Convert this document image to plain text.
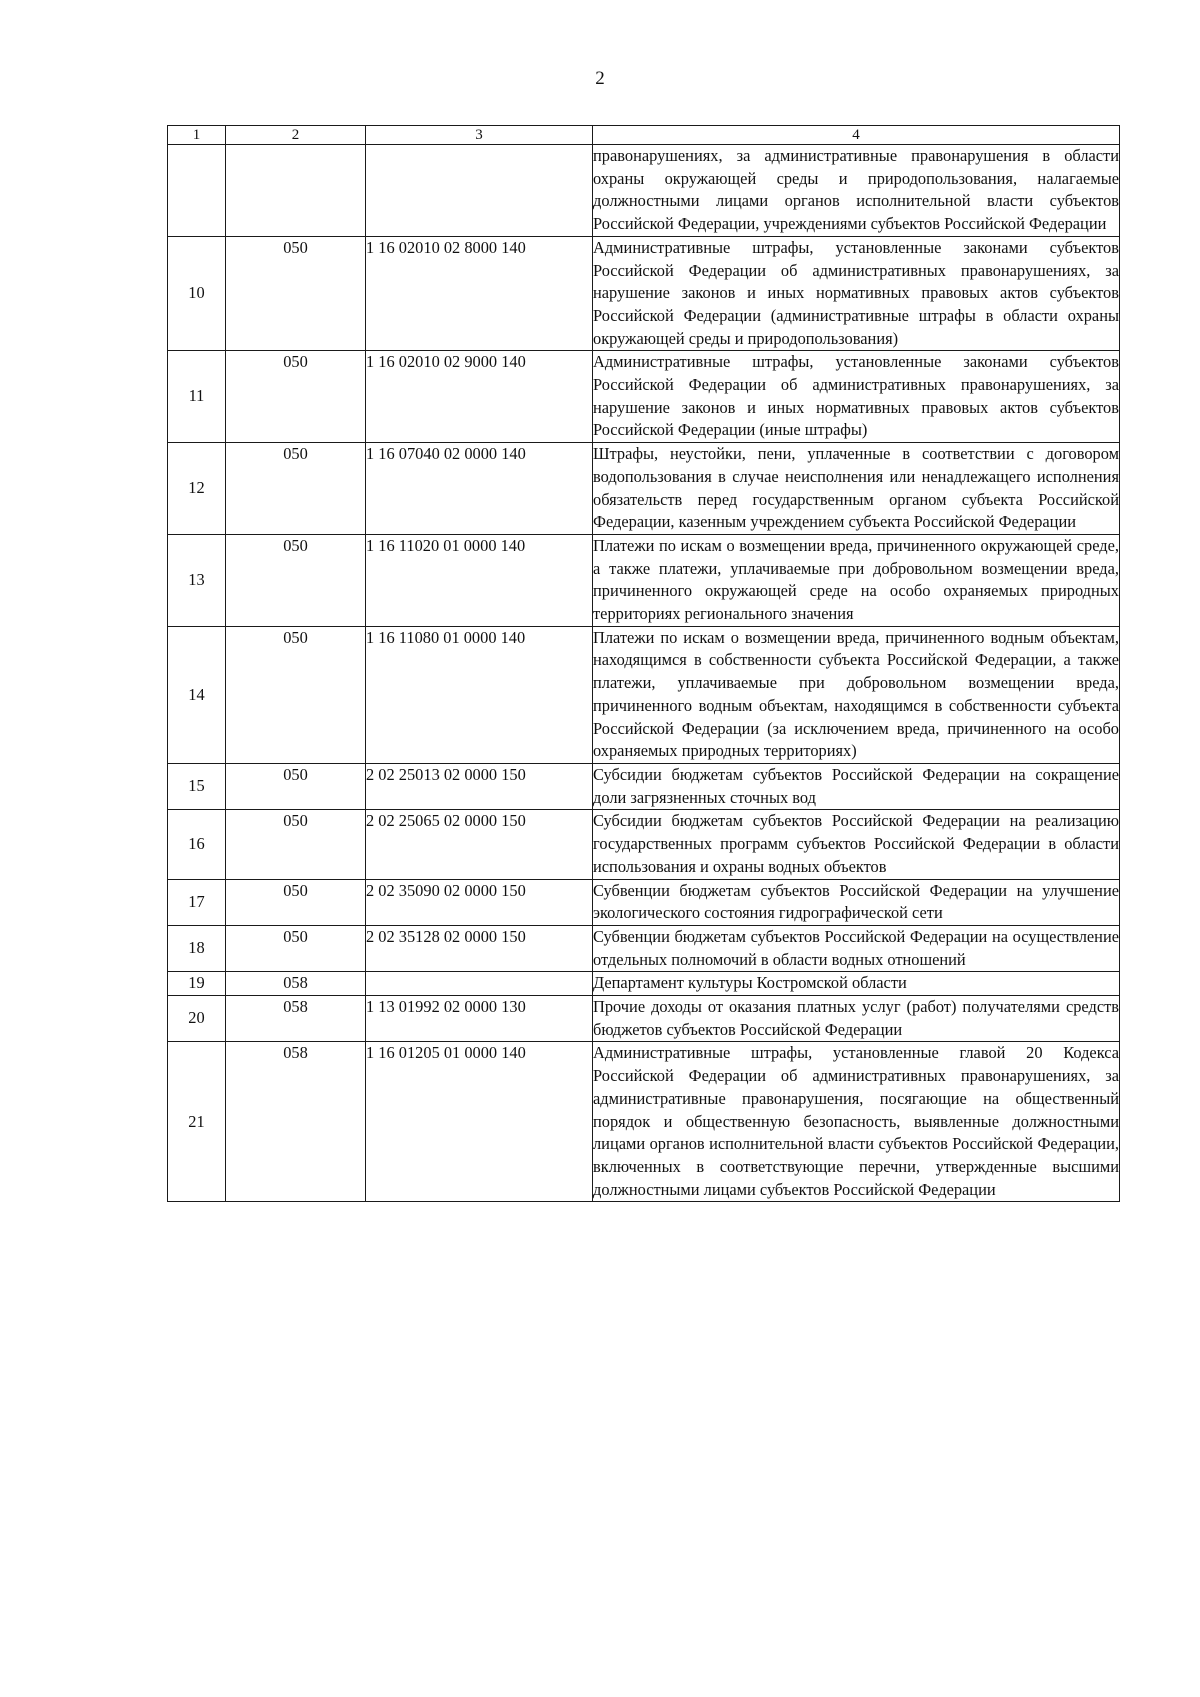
2
1	2	3	4
			правонарушениях, за административные правонарушения в области охраны окружающей среды и природопользования, налагаемые должностными лицами органов исполнительной власти субъектов Российской Федерации, учреждениями субъектов Российской Федерации
10	050	1 16 02010 02 8000 140	Административные штрафы, установленные законами субъектов Российской Федерации об административных правонарушениях, за нарушение законов и иных нормативных правовых актов субъектов Российской Федерации (административные штрафы в области охраны окружающей среды и природопользования)
11	050	1 16 02010 02 9000 140	Административные штрафы, установленные законами субъектов Российской Федерации об административных правонарушениях, за нарушение законов и иных нормативных правовых актов субъектов Российской Федерации (иные штрафы)
12	050	1 16 07040 02 0000 140	Штрафы, неустойки, пени, уплаченные в соответствии с договором водопользования в случае неисполнения или ненадлежащего исполнения обязательств перед государственным органом субъекта Российской Федерации, казенным учреждением субъекта Российской Федерации
13	050	1 16 11020 01 0000 140	Платежи по искам о возмещении вреда, причиненного окружающей среде, а также платежи, уплачиваемые при добровольном возмещении вреда, причиненного окружающей среде на особо охраняемых природных территориях регионального значения
14	050	1 16 11080 01 0000 140	Платежи по искам о возмещении вреда, причиненного водным объектам, находящимся в собственности субъекта Российской Федерации, а также платежи, уплачиваемые при добровольном возмещении вреда, причиненного водным объектам, находящимся в собственности субъекта Российской Федерации (за исключением вреда, причиненного на особо охраняемых природных территориях)
15	050	2 02 25013 02 0000 150	Субсидии бюджетам субъектов Российской Федерации на сокращение доли загрязненных сточных вод
16	050	2 02 25065 02 0000 150	Субсидии бюджетам субъектов Российской Федерации на реализацию государственных программ субъектов Российской Федерации в области использования и охраны водных объектов
17	050	2 02 35090 02 0000 150	Субвенции бюджетам субъектов Российской Федерации на улучшение экологического состояния гидрографической сети
18	050	2 02 35128 02 0000 150	Субвенции бюджетам субъектов Российской Федерации на осуществление отдельных полномочий в области водных отношений
19	058		Департамент культуры Костромской области
20	058	1 13 01992 02 0000 130	Прочие доходы от оказания платных услуг (работ) получателями средств бюджетов субъектов Российской Федерации
21	058	1 16 01205 01 0000 140	Административные штрафы, установленные главой 20 Кодекса Российской Федерации об административных правонарушениях, за административные правонарушения, посягающие на общественный порядок и общественную безопасность, выявленные должностными лицами органов исполнительной власти субъектов Российской Федерации, включенных в соответствующие перечни, утвержденные высшими должностными лицами субъектов Российской Федерации
